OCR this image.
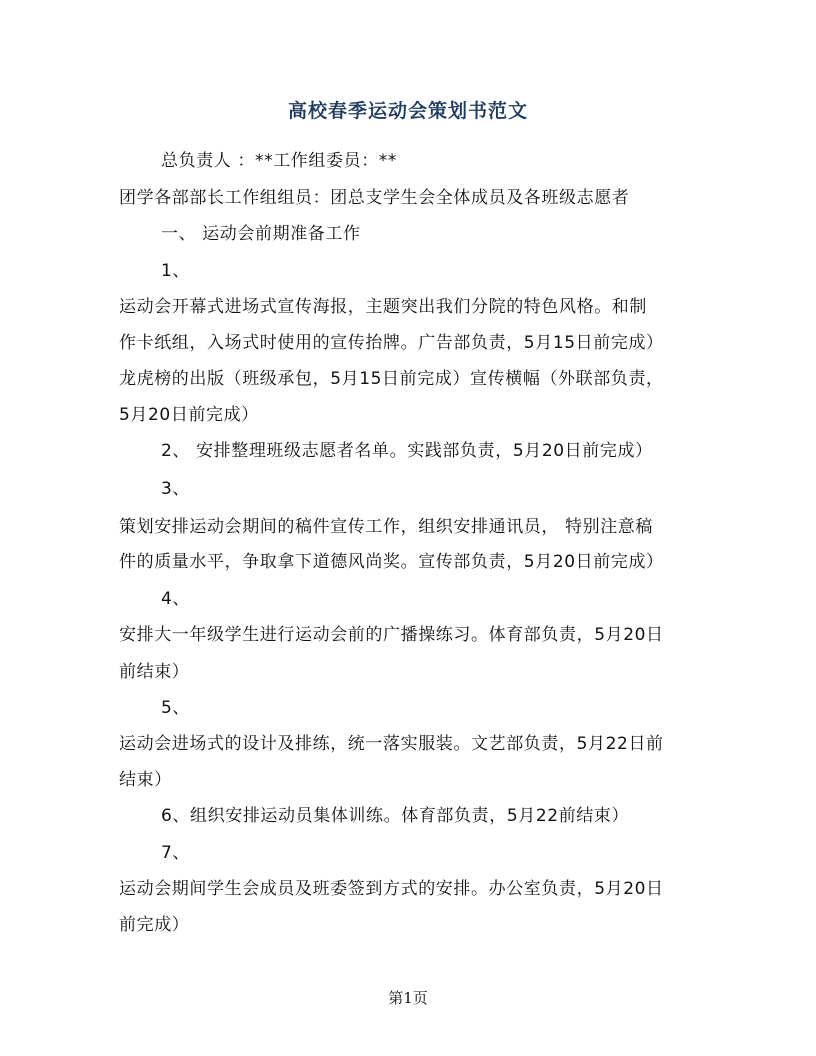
高校春季运动会策划书范文
总负责人 ：**工作组委员：**
团学各部部长工作组组员：团总支学生会全体成员及各班级志愿者
一、 运动会前期准备工作
1、
运动会开幕式进场式宣传海报，主题突出我们分院的特色风格。和制
作卡纸组，入场式时使用的宣传抬牌。广告部负责，5月15日前完成）
龙虎榜的出版（班级承包，5月15日前完成）宣传横幅（外联部负责，
5月20日前完成）
2、 安排整理班级志愿者名单。实践部负责，5月20日前完成）
3、
策划安排运动会期间的稿件宣传工作，组织安排通讯员， 特别注意稿
件的质量水平，争取拿下道德风尚奖。宣传部负责，5月20日前完成）
4、
安排大一年级学生进行运动会前的广播操练习。体育部负责，5月20日
前结束）
5、
运动会进场式的设计及排练，统一落实服装。文艺部负责，5月22日前
结束）
6、组织安排运动员集体训练。体育部负责，5月22前结束）
7、
运动会期间学生会成员及班委签到方式的安排。办公室负责，5月20日
前完成）
第1页
